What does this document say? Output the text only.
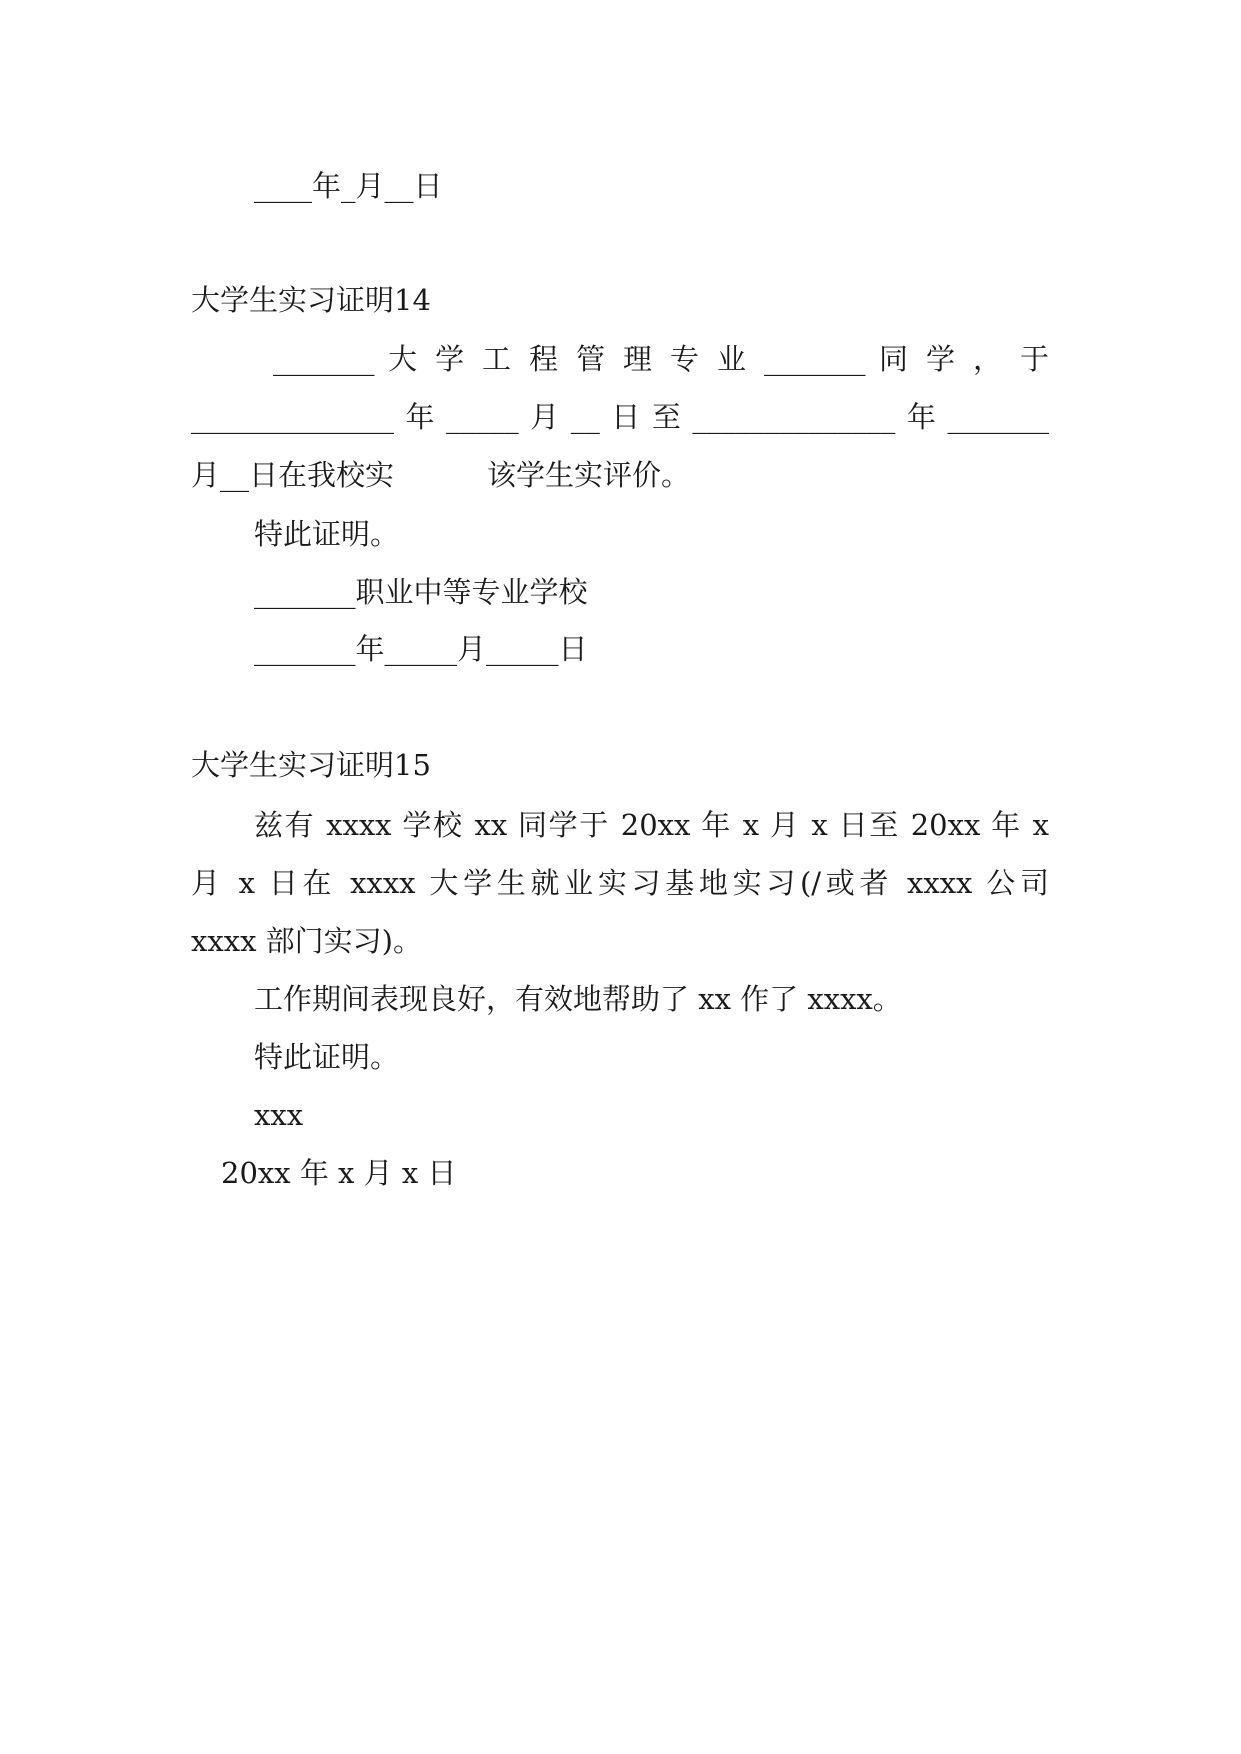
____年_月__日
大学生实习证明14
_______ 大 学 工 程 管 理 专 业 _______ 同 学 ， 于
______________年_____月__日至______________年_______
月__日在我校实	该学生实评价。
特此证明。
_______职业中等专业学校
_______年_____月_____日
大学生实习证明15
兹有 xxxx 学校 xx 同学于 20xx 年 x 月 x 日至 20xx 年 x
月 x 日在 xxxx 大学生就业实习基地实习(/或者 xxxx 公司
xxxx 部门实习)。
工作期间表现良好，有效地帮助了 xx 作了 xxxx。
特此证明。
xxx
20xx 年 x 月 x 日
